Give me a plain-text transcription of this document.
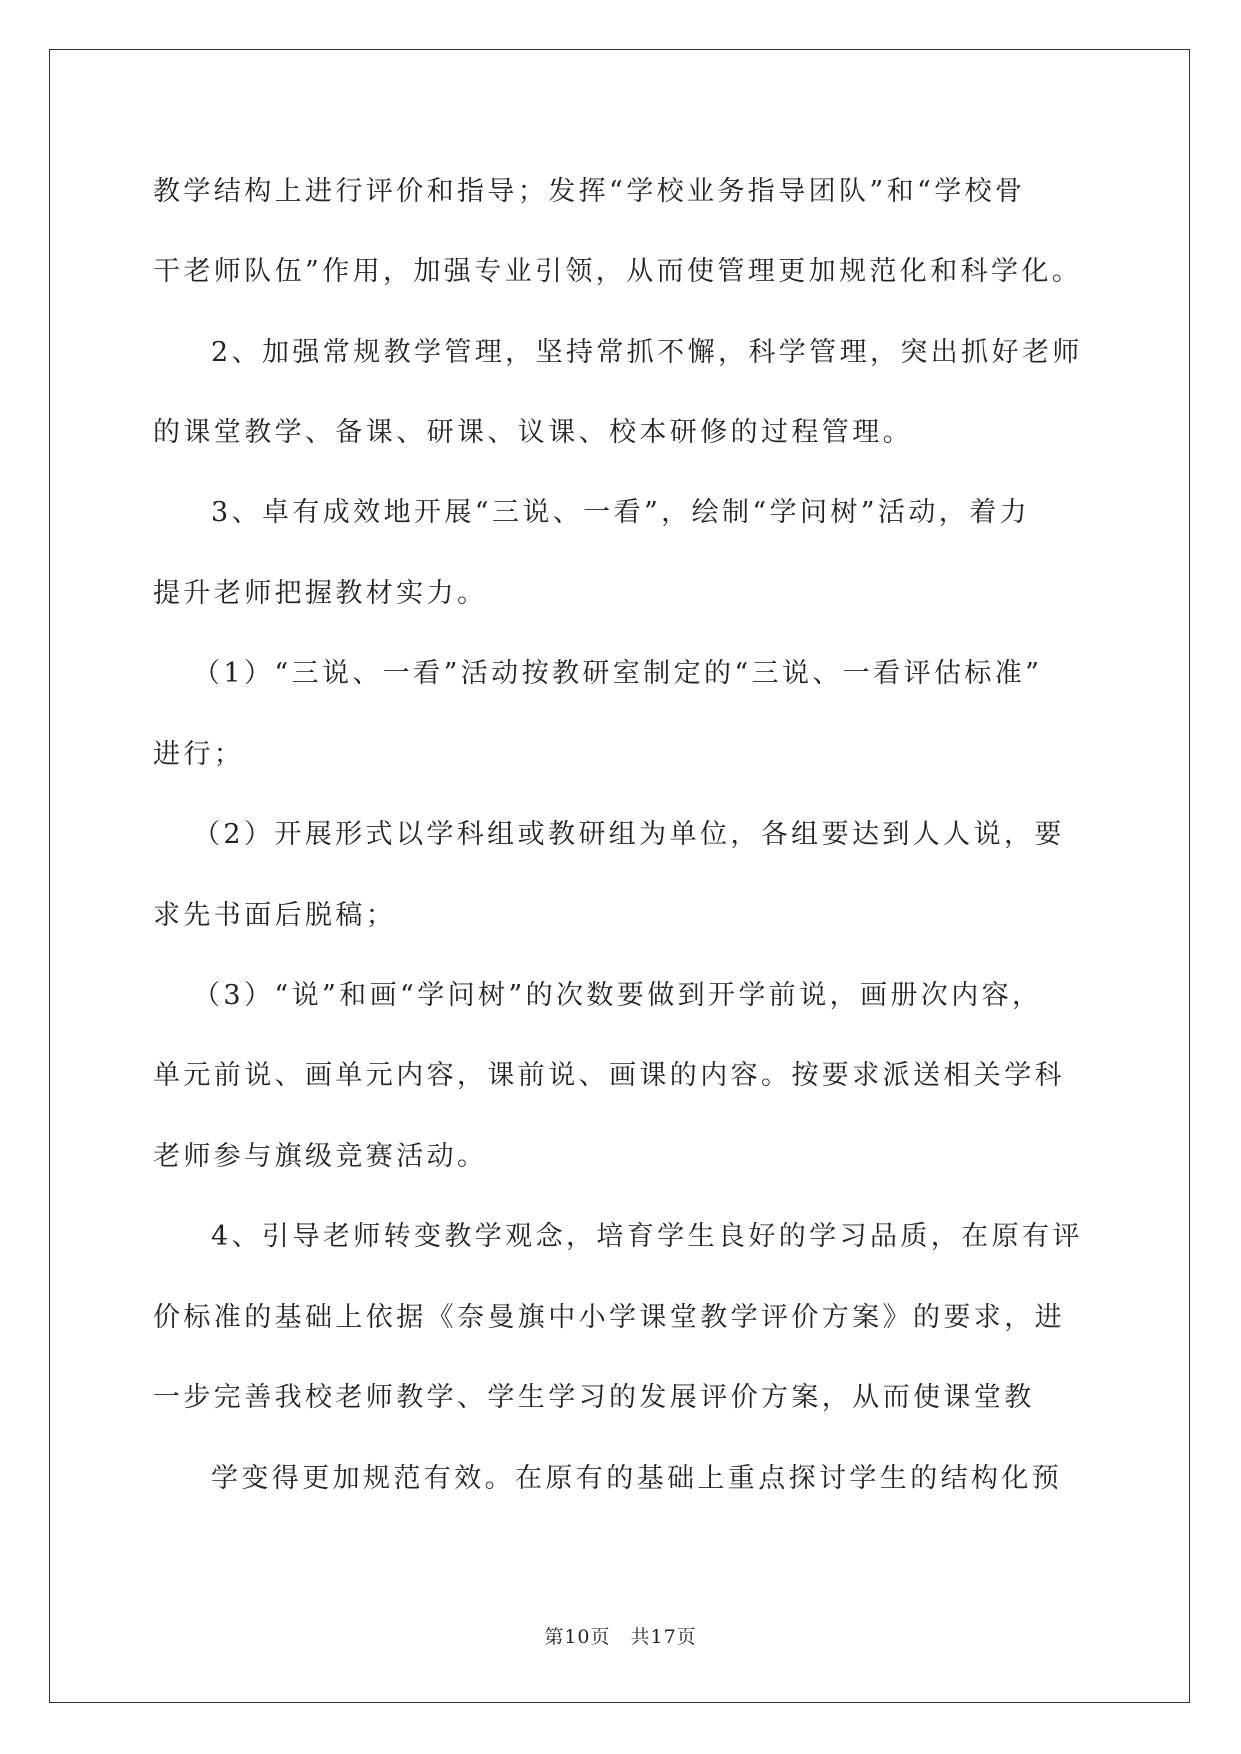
教学结构上进行评价和指导；发挥“学校业务指导团队”和“学校骨
干老师队伍”作用，加强专业引领，从而使管理更加规范化和科学化。
2、加强常规教学管理，坚持常抓不懈，科学管理，突出抓好老师
的课堂教学、备课、研课、议课、校本研修的过程管理。
3、卓有成效地开展“三说、一看”，绘制“学问树”活动，着力
提升老师把握教材实力。
（1）“三说、一看”活动按教研室制定的“三说、一看评估标准”
进行；
（2）开展形式以学科组或教研组为单位，各组要达到人人说，要
求先书面后脱稿；
（3）“说”和画“学问树”的次数要做到开学前说，画册次内容，
单元前说、画单元内容，课前说、画课的内容。按要求派送相关学科
老师参与旗级竞赛活动。
4、引导老师转变教学观念，培育学生良好的学习品质，在原有评
价标准的基础上依据《奈曼旗中小学课堂教学评价方案》的要求，进
一步完善我校老师教学、学生学习的发展评价方案，从而使课堂教
学变得更加规范有效。在原有的基础上重点探讨学生的结构化预
第10页　共17页
